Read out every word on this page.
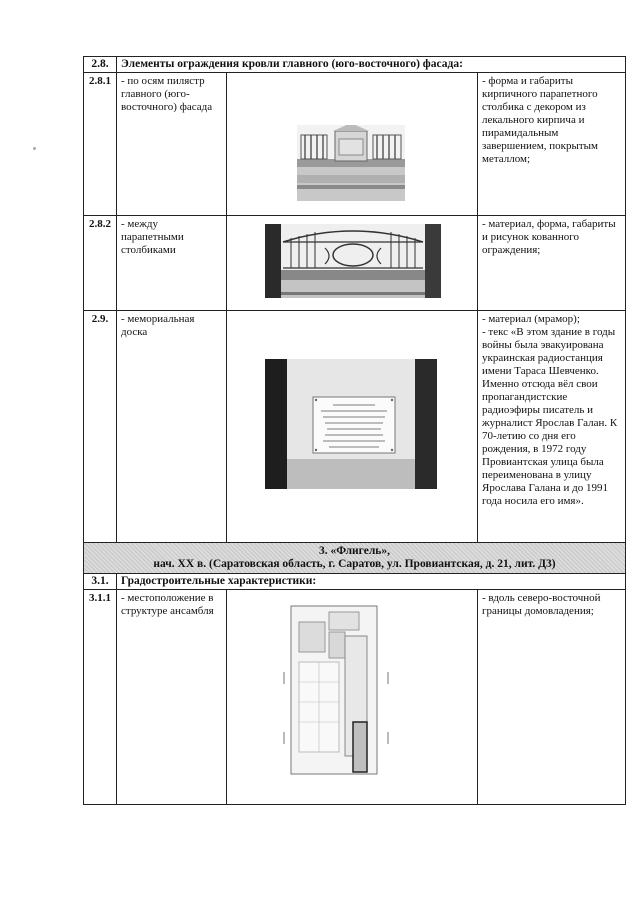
2.8.	Элементы ограждения кровли главного (юго-восточного) фасада:		
2.8.1	- по осям пилястр главного (юго-восточного) фасада		- форма и габариты кирпичного парапетного столбика с декором из лекального кирпича и пирамидальным завершением, покрытым металлом;
2.8.2	- между парапетными столбиками		- материал, форма, габариты и рисунок кованного ограждения;
2.9.	- мемориальная доска		- материал (мрамор);
- текс «В этом здание в годы войны была эвакуирована украинская радиостанция имени Тараса Шевченко. Именно отсюда вёл свои пропагандистские радиоэфиры писатель и журналист Ярослав Галан. К 70-летию со дня его рождения, в 1972 году Провиантская улица была переименована в улицу Ярослава Галана и до 1991 года носила его имя».

3. «Флигель»,
нач. XX в. (Саратовская область, г. Саратов, ул. Провиантская, д. 21, лит. Д3)			

3.1.	Градостроительные характеристики:		
3.1.1	- местоположение в структуре ансамбля		- вдоль северо-восточной границы домовладения;
